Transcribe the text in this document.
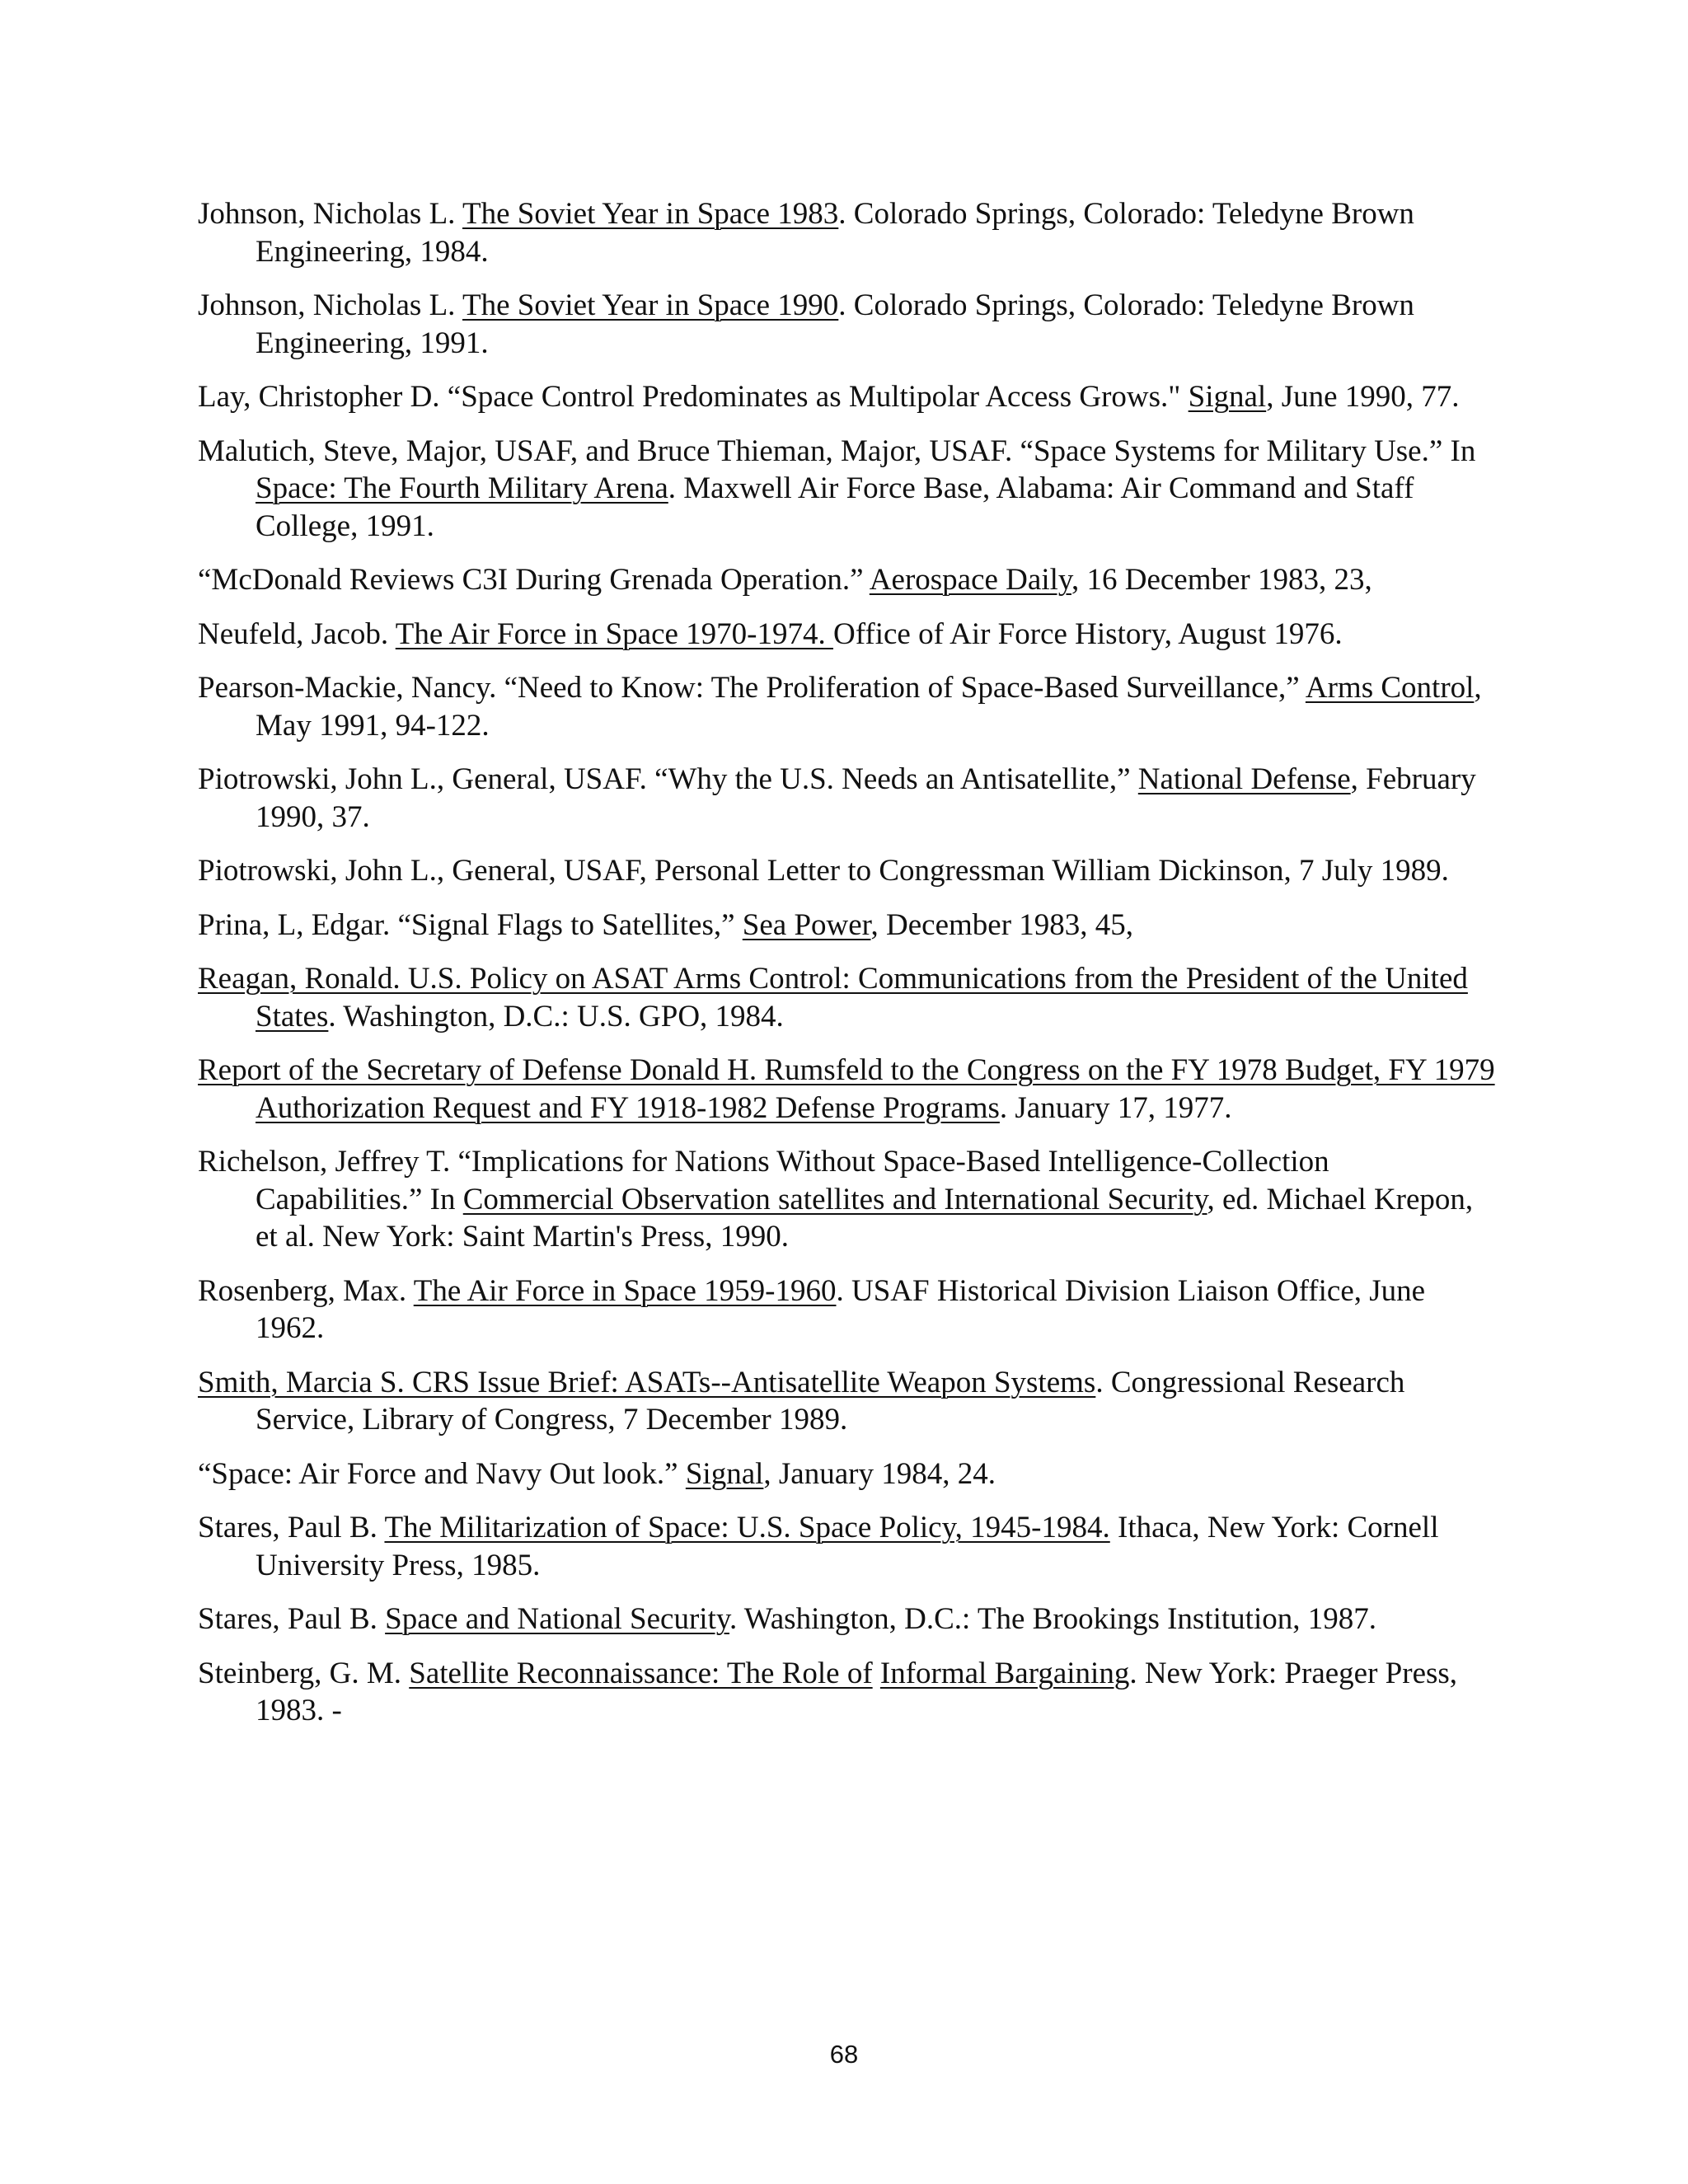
Johnson, Nicholas L. The Soviet Year in Space 1983. Colorado Springs, Colorado: Teledyne Brown Engineering, 1984.

Johnson, Nicholas L. The Soviet Year in Space 1990. Colorado Springs, Colorado: Teledyne Brown Engineering, 1991.

Lay, Christopher D. “Space Control Predominates as Multipolar Access Grows." Signal, June 1990, 77.

Malutich, Steve, Major, USAF, and Bruce Thieman, Major, USAF. “Space Systems for Military Use.” In Space: The Fourth Military Arena. Maxwell Air Force Base, Alabama: Air Command and Staff College, 1991.

“McDonald Reviews C3I During Grenada Operation.” Aerospace Daily, 16 December 1983, 23,

Neufeld, Jacob. The Air Force in Space 1970-1974. Office of Air Force History, August 1976.

Pearson-Mackie, Nancy. “Need to Know: The Proliferation of Space-Based Surveillance,” Arms Control, May 1991, 94-122.

Piotrowski, John L., General, USAF. “Why the U.S. Needs an Antisatellite,” National Defense, February 1990, 37.

Piotrowski, John L., General, USAF, Personal Letter to Congressman William Dickinson, 7 July 1989.

Prina, L, Edgar. “Signal Flags to Satellites,” Sea Power, December 1983, 45,

Reagan, Ronald. U.S. Policy on ASAT Arms Control: Communications from the President of the United States. Washington, D.C.: U.S. GPO, 1984.

Report of the Secretary of Defense Donald H. Rumsfeld to the Congress on the FY 1978 Budget, FY 1979 Authorization Request and FY 1918-1982 Defense Programs. January 17, 1977.

Richelson, Jeffrey T. “Implications for Nations Without Space-Based Intelligence-Collection Capabilities.” In Commercial Observation satellites and International Security, ed. Michael Krepon, et al. New York: Saint Martin's Press, 1990.

Rosenberg, Max. The Air Force in Space 1959-1960. USAF Historical Division Liaison Office, June 1962.

Smith, Marcia S. CRS Issue Brief: ASATs--Antisatellite Weapon Systems. Congressional Research Service, Library of Congress, 7 December 1989.

“Space: Air Force and Navy Out look.” Signal, January 1984, 24.

Stares, Paul B. The Militarization of Space: U.S. Space Policy, 1945-1984. Ithaca, New York: Cornell University Press, 1985.

Stares, Paul B. Space and National Security. Washington, D.C.: The Brookings Institution, 1987.

Steinberg, G. M. Satellite Reconnaissance: The Role of Informal Bargaining. New York: Praeger Press, 1983. -

68
